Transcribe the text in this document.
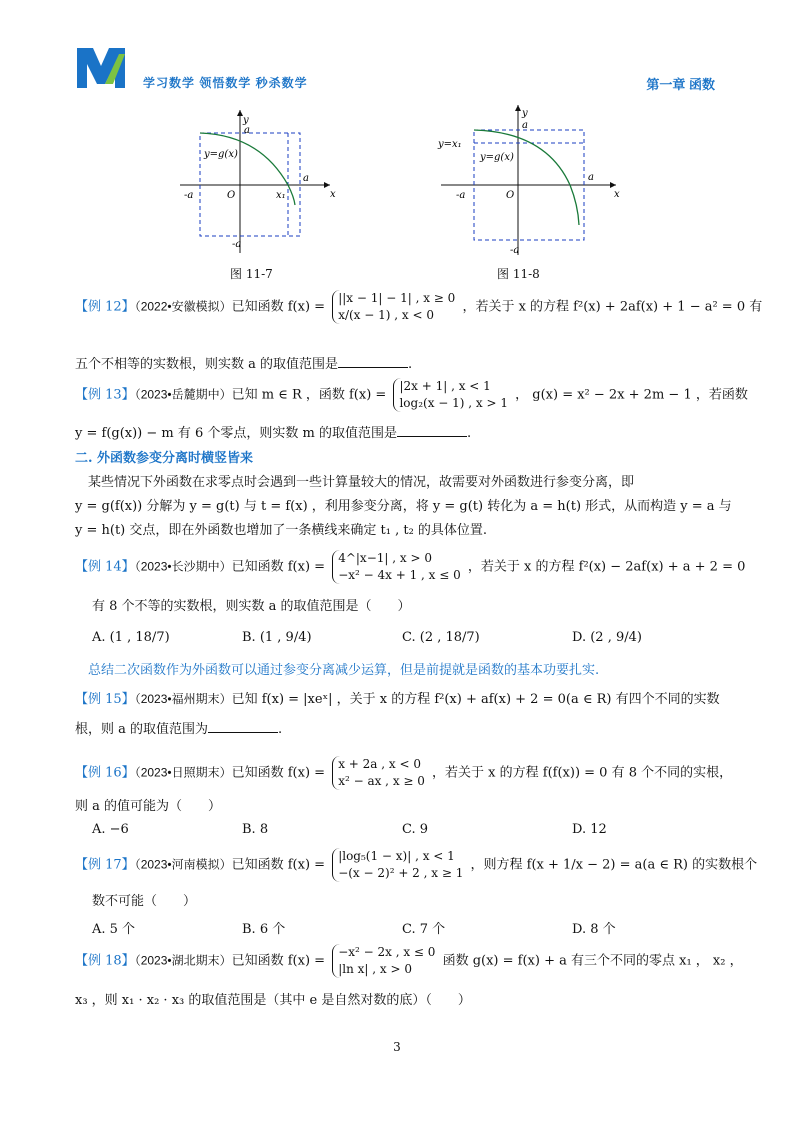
学习数学 领悟数学 秒杀数学	第一章 函数
y
x
a
a
-a
-a
O	x₁
y=g(x)
图 11-7
y
x
a
a
-a
-a
O
y=x₁
y=g(x)
图 11-8
【例 12】（2022•安徽模拟）已知函数 f(x) = ||x − 1| − 1| , x ≥ 0
x/(x − 1) , x < 0 ，若关于 x 的方程 f²(x) + 2af(x) + 1 − a² = 0 有
五个不相等的实数根，则实数 a 的取值范围是	.
【例 13】（2023•岳麓期中）已知 m ∈ R ，函数 f(x) = |2x + 1| , x < 1
log₂(x − 1) , x > 1 ， g(x) = x² − 2x + 2m − 1 ，若函数
y = f(g(x)) − m 有 6 个零点，则实数 m 的取值范围是	.
二. 外函数参变分离时横竖皆来
某些情况下外函数在求零点时会遇到一些计算量较大的情况，故需要对外函数进行参变分离，即
y = g(f(x)) 分解为 y = g(t) 与 t = f(x) ，利用参变分离，将 y = g(t) 转化为 a = h(t) 形式，从而构造 y = a 与
y = h(t) 交点，即在外函数也增加了一条横线来确定 t₁ , t₂ 的具体位置.
【例 14】（2023•长沙期中）已知函数 f(x) = 4^|x−1| , x > 0
−x² − 4x + 1 , x ≤ 0 ，若关于 x 的方程 f²(x) − 2af(x) + a + 2 = 0
有 8 个不等的实数根，则实数 a 的取值范围是（　　）
A. (1 , 18/7)	B. (1 , 9/4)	C. (2 , 18/7)	D. (2 , 9/4)
总结二次函数作为外函数可以通过参变分离减少运算，但是前提就是函数的基本功要扎实.
【例 15】（2023•福州期末）已知 f(x) = |xeˣ| ，关于 x 的方程 f²(x) + af(x) + 2 = 0(a ∈ R) 有四个不同的实数
根，则 a 的取值范围为	.
【例 16】（2023•日照期末）已知函数 f(x) = x + 2a , x < 0
x² − ax , x ≥ 0 ，若关于 x 的方程 f(f(x)) = 0 有 8 个不同的实根，
则 a 的值可能为（　　）
A. −6	B. 8	C. 9	D. 12
【例 17】（2023•河南模拟）已知函数 f(x) = |log₅(1 − x)| , x < 1
−(x − 2)² + 2 , x ≥ 1 ，则方程 f(x + 1/x − 2) = a(a ∈ R) 的实数根个
数不可能（　　）
A. 5 个	B. 6 个	C. 7 个	D. 8 个
【例 18】（2023•湖北期末）已知函数 f(x) = −x² − 2x , x ≤ 0
|ln x| , x > 0 函数 g(x) = f(x) + a 有三个不同的零点 x₁ ， x₂ ，
x₃ ，则 x₁ · x₂ · x₃ 的取值范围是（其中 e 是自然对数的底）（　　）
3
